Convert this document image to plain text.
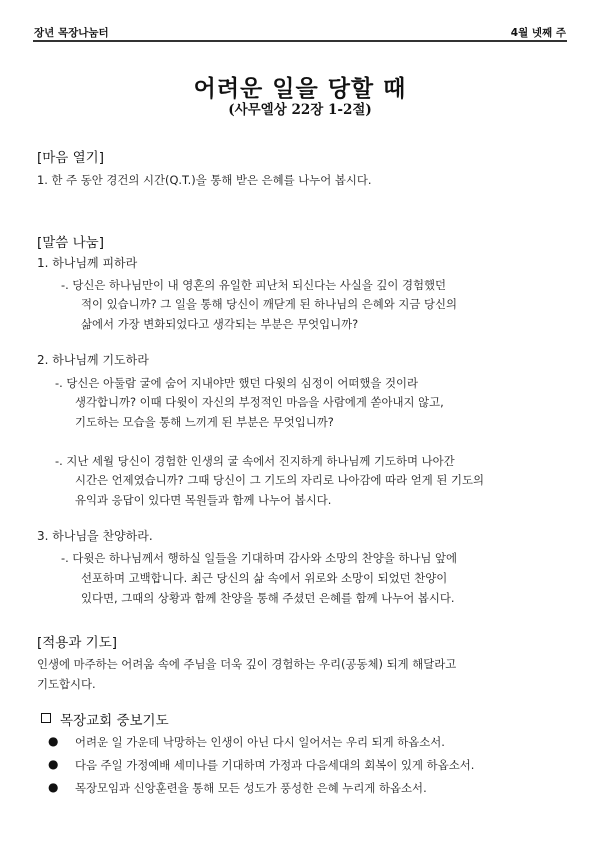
장년 목장나눔터	4월 넷째 주
어려운 일을 당할 때
(사무엘상 22장 1-2절)
[마음 열기]
1. 한 주 동안 경건의 시간(Q.T.)을 통해 받은 은혜를 나누어 봅시다.
[말씀 나눔]
1. 하나님께 피하라
-. 당신은 하나님만이 내 영혼의 유일한 피난처 되신다는 사실을 깊이 경험했던
적이 있습니까? 그 일을 통해 당신이 깨닫게 된 하나님의 은혜와 지금 당신의
삶에서 가장 변화되었다고 생각되는 부분은 무엇입니까?
2. 하나님께 기도하라
-. 당신은 아둘람 굴에 숨어 지내야만 했던 다윗의 심정이 어떠했을 것이라
생각합니까? 이때 다윗이 자신의 부정적인 마음을 사람에게 쏟아내지 않고,
기도하는 모습을 통해 느끼게 된 부분은 무엇입니까?
-. 지난 세월 당신이 경험한 인생의 굴 속에서 진지하게 하나님께 기도하며 나아간
시간은 언제였습니까? 그때 당신이 그 기도의 자리로 나아감에 따라 얻게 된 기도의
유익과 응답이 있다면 목원들과 함께 나누어 봅시다.
3. 하나님을 찬양하라.
-. 다윗은 하나님께서 행하실 일들을 기대하며 감사와 소망의 찬양을 하나님 앞에
선포하며 고백합니다. 최근 당신의 삶 속에서 위로와 소망이 되었던 찬양이
있다면, 그때의 상황과 함께 찬양을 통해 주셨던 은혜를 함께 나누어 봅시다.
[적용과 기도]
인생에 마주하는 어려움 속에 주님을 더욱 깊이 경험하는 우리(공동체) 되게 해달라고
기도합시다.
목장교회 중보기도
● 어려운 일 가운데 낙망하는 인생이 아닌 다시 일어서는 우리 되게 하옵소서.
● 다음 주일 가정예배 세미나를 기대하며 가정과 다음세대의 회복이 있게 하옵소서.
● 목장모임과 신앙훈련을 통해 모든 성도가 풍성한 은혜 누리게 하옵소서.
